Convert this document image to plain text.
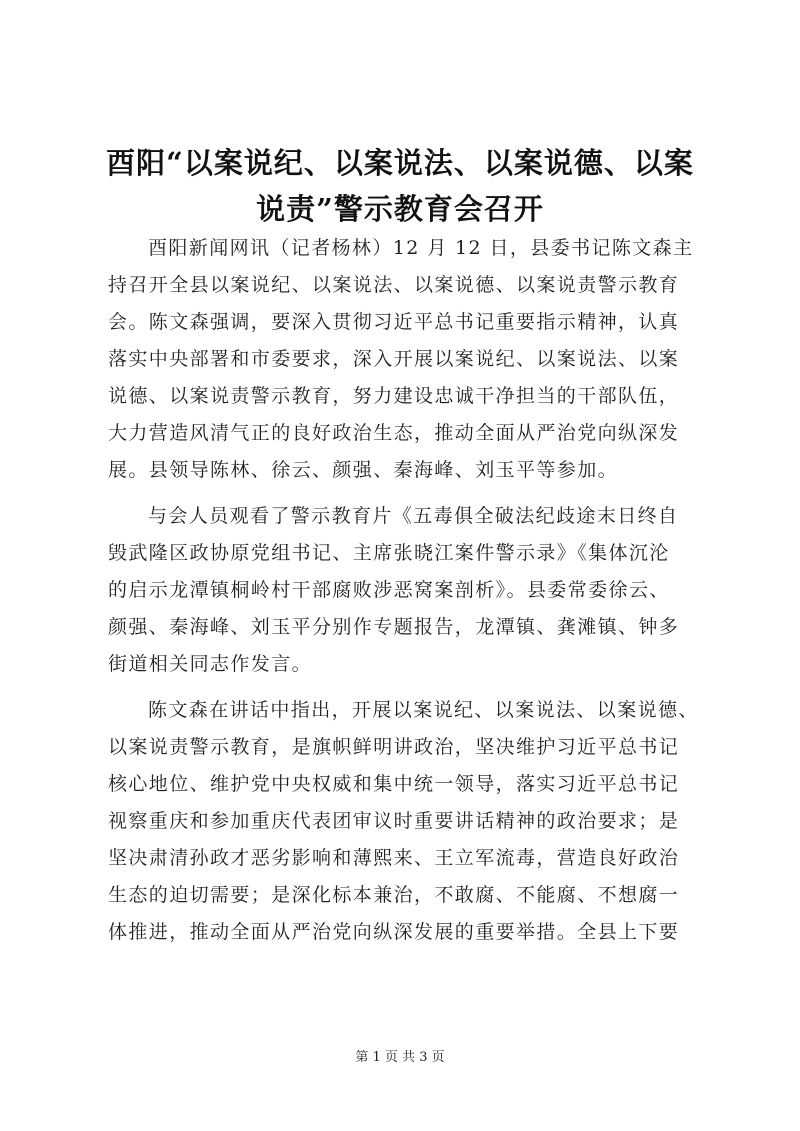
酉阳“以案说纪、以案说法、以案说德、以案
说责”警示教育会召开

酉阳新闻网讯（记者杨林）12 月 12 日，县委书记陈文森主
持召开全县以案说纪、以案说法、以案说德、以案说责警示教育
会。陈文森强调，要深入贯彻习近平总书记重要指示精神，认真
落实中央部署和市委要求，深入开展以案说纪、以案说法、以案
说德、以案说责警示教育，努力建设忠诚干净担当的干部队伍，
大力营造风清气正的良好政治生态，推动全面从严治党向纵深发
展。县领导陈林、徐云、颜强、秦海峰、刘玉平等参加。

与会人员观看了警示教育片《五毒俱全破法纪歧途末日终自
毁武隆区政协原党组书记、主席张晓江案件警示录》《集体沉沦
的启示龙潭镇桐岭村干部腐败涉恶窝案剖析》。县委常委徐云、
颜强、秦海峰、刘玉平分别作专题报告，龙潭镇、龚滩镇、钟多
街道相关同志作发言。

陈文森在讲话中指出，开展以案说纪、以案说法、以案说德、
以案说责警示教育，是旗帜鲜明讲政治，坚决维护习近平总书记
核心地位、维护党中央权威和集中统一领导，落实习近平总书记
视察重庆和参加重庆代表团审议时重要讲话精神的政治要求；是
坚决肃清孙政才恶劣影响和薄熙来、王立军流毒，营造良好政治
生态的迫切需要；是深化标本兼治，不敢腐、不能腐、不想腐一
体推进，推动全面从严治党向纵深发展的重要举措。全县上下要

第 1 页 共 3 页
